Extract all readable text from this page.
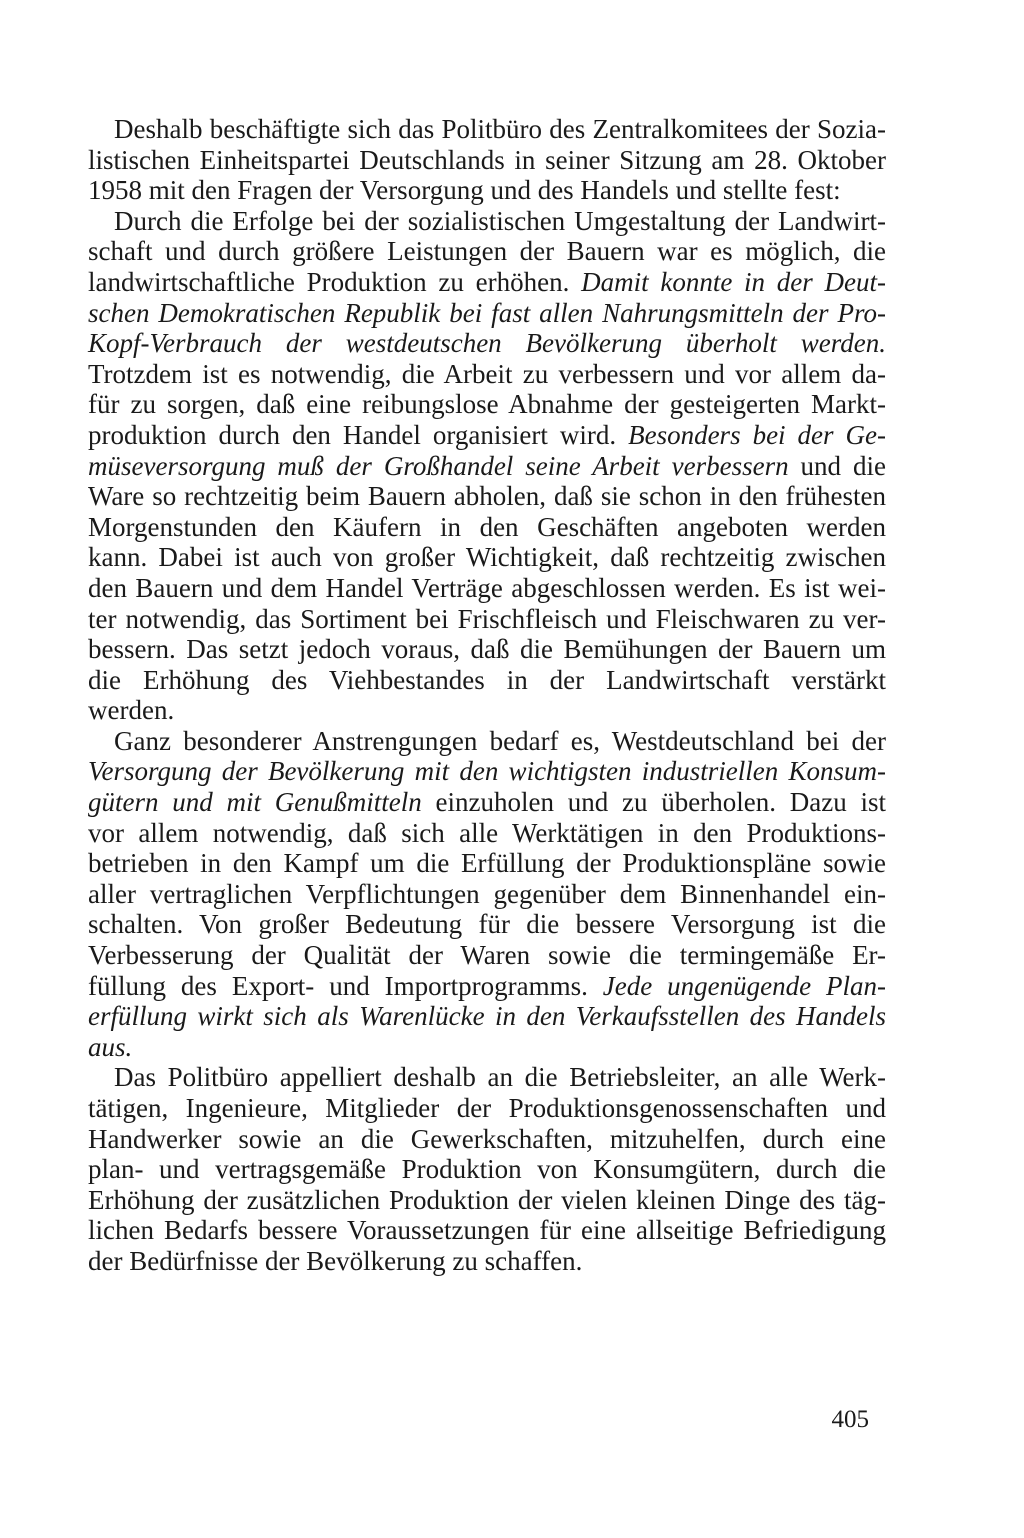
Deshalb beschäftigte sich das Politbüro des Zentralkomitees der Sozia-
listischen Einheitspartei Deutschlands in seiner Sitzung am 28. Oktober
1958 mit den Fragen der Versorgung und des Handels und stellte fest:
Durch die Erfolge bei der sozialistischen Umgestaltung der Landwirt-
schaft und durch größere Leistungen der Bauern war es möglich, die
landwirtschaftliche Produktion zu erhöhen. Damit konnte in der Deut-
schen Demokratischen Republik bei fast allen Nahrungsmitteln der Pro-
Kopf-Verbrauch der westdeutschen Bevölkerung überholt werden.
Trotzdem ist es notwendig, die Arbeit zu verbessern und vor allem da-
für zu sorgen, daß eine reibungslose Abnahme der gesteigerten Markt-
produktion durch den Handel organisiert wird. Besonders bei der Ge-
müseversorgung muß der Großhandel seine Arbeit verbessern und die
Ware so rechtzeitig beim Bauern abholen, daß sie schon in den frühesten
Morgenstunden den Käufern in den Geschäften angeboten werden
kann. Dabei ist auch von großer Wichtigkeit, daß rechtzeitig zwischen
den Bauern und dem Handel Verträge abgeschlossen werden. Es ist wei-
ter notwendig, das Sortiment bei Frischfleisch und Fleischwaren zu ver-
bessern. Das setzt jedoch voraus, daß die Bemühungen der Bauern um
die Erhöhung des Viehbestandes in der Landwirtschaft verstärkt
werden.
Ganz besonderer Anstrengungen bedarf es, Westdeutschland bei der
Versorgung der Bevölkerung mit den wichtigsten industriellen Konsum-
gütern und mit Genußmitteln einzuholen und zu überholen. Dazu ist
vor allem notwendig, daß sich alle Werktätigen in den Produktions-
betrieben in den Kampf um die Erfüllung der Produktionspläne sowie
aller vertraglichen Verpflichtungen gegenüber dem Binnenhandel ein-
schalten. Von großer Bedeutung für die bessere Versorgung ist die
Verbesserung der Qualität der Waren sowie die termingemäße Er-
füllung des Export- und Importprogramms. Jede ungenügende Plan-
erfüllung wirkt sich als Warenlücke in den Verkaufsstellen des Handels
aus.
Das Politbüro appelliert deshalb an die Betriebsleiter, an alle Werk-
tätigen, Ingenieure, Mitglieder der Produktionsgenossenschaften und
Handwerker sowie an die Gewerkschaften, mitzuhelfen, durch eine
plan- und vertragsgemäße Produktion von Konsumgütern, durch die
Erhöhung der zusätzlichen Produktion der vielen kleinen Dinge des täg-
lichen Bedarfs bessere Voraussetzungen für eine allseitige Befriedigung
der Bedürfnisse der Bevölkerung zu schaffen.
405
